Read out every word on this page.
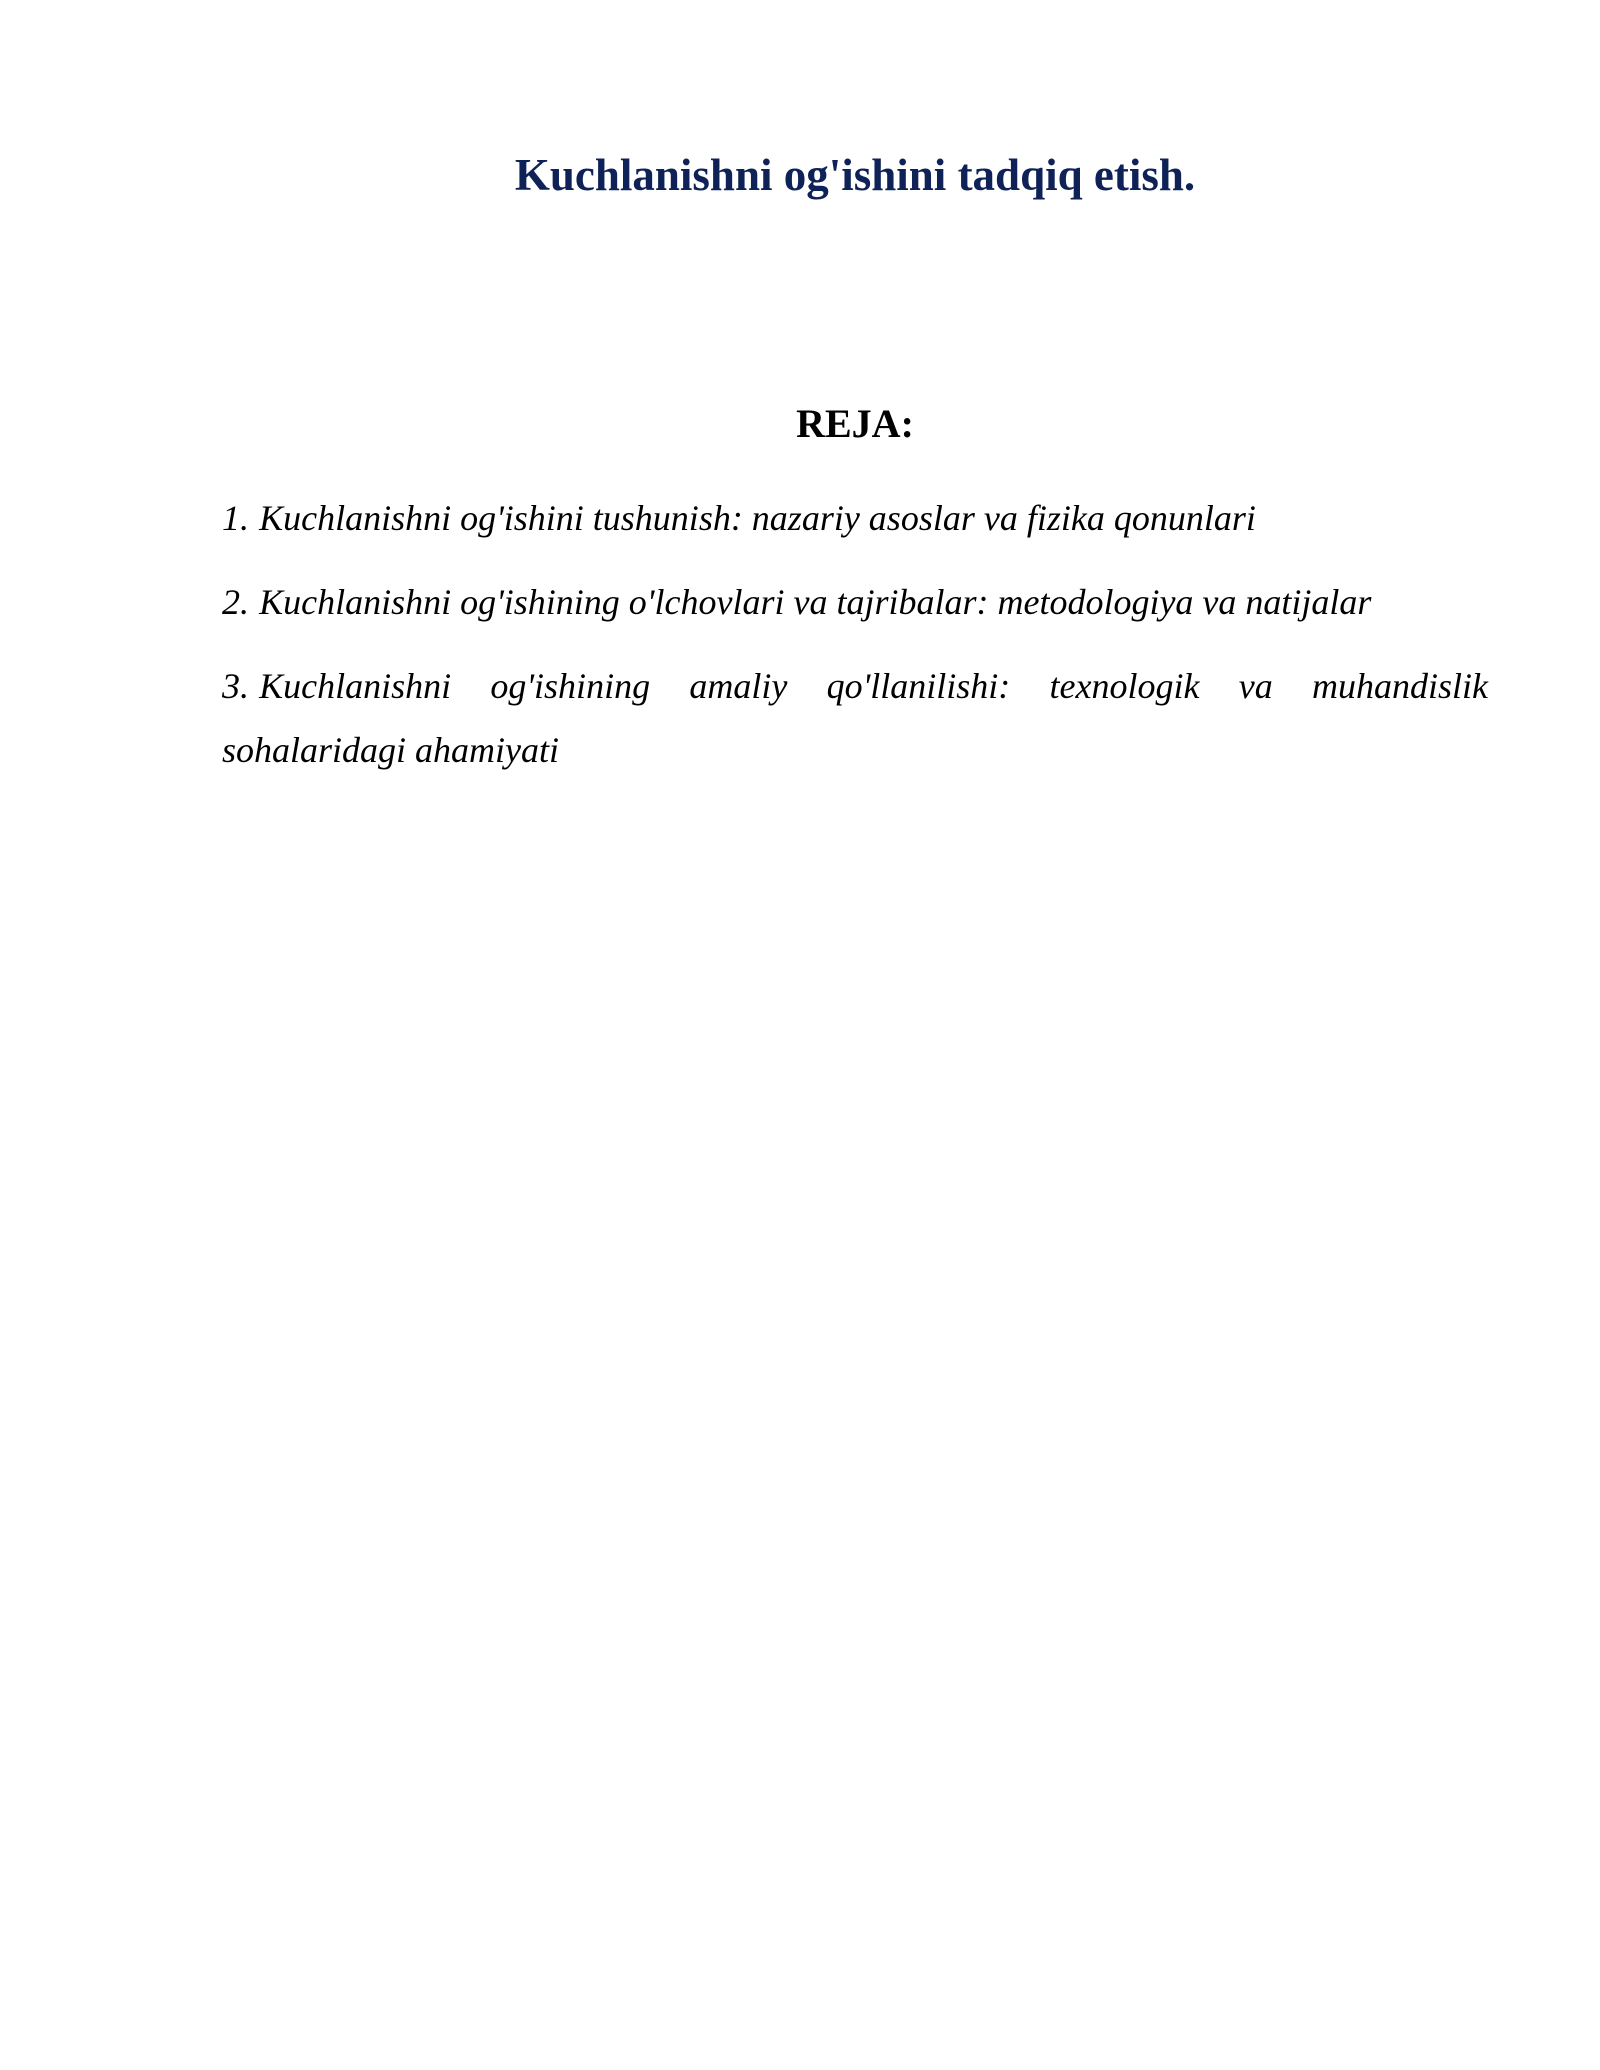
Kuchlanishni og'ishini tadqiq etish.
REJA:
1. Kuchlanishni og'ishini tushunish: nazariy asoslar va fizika qonunlari
2. Kuchlanishni og'ishining o'lchovlari va tajribalar: metodologiya va natijalar
3. Kuchlanishni og'ishining amaliy qo'llanilishi: texnologik va muhandislik sohalaridagi ahamiyati
